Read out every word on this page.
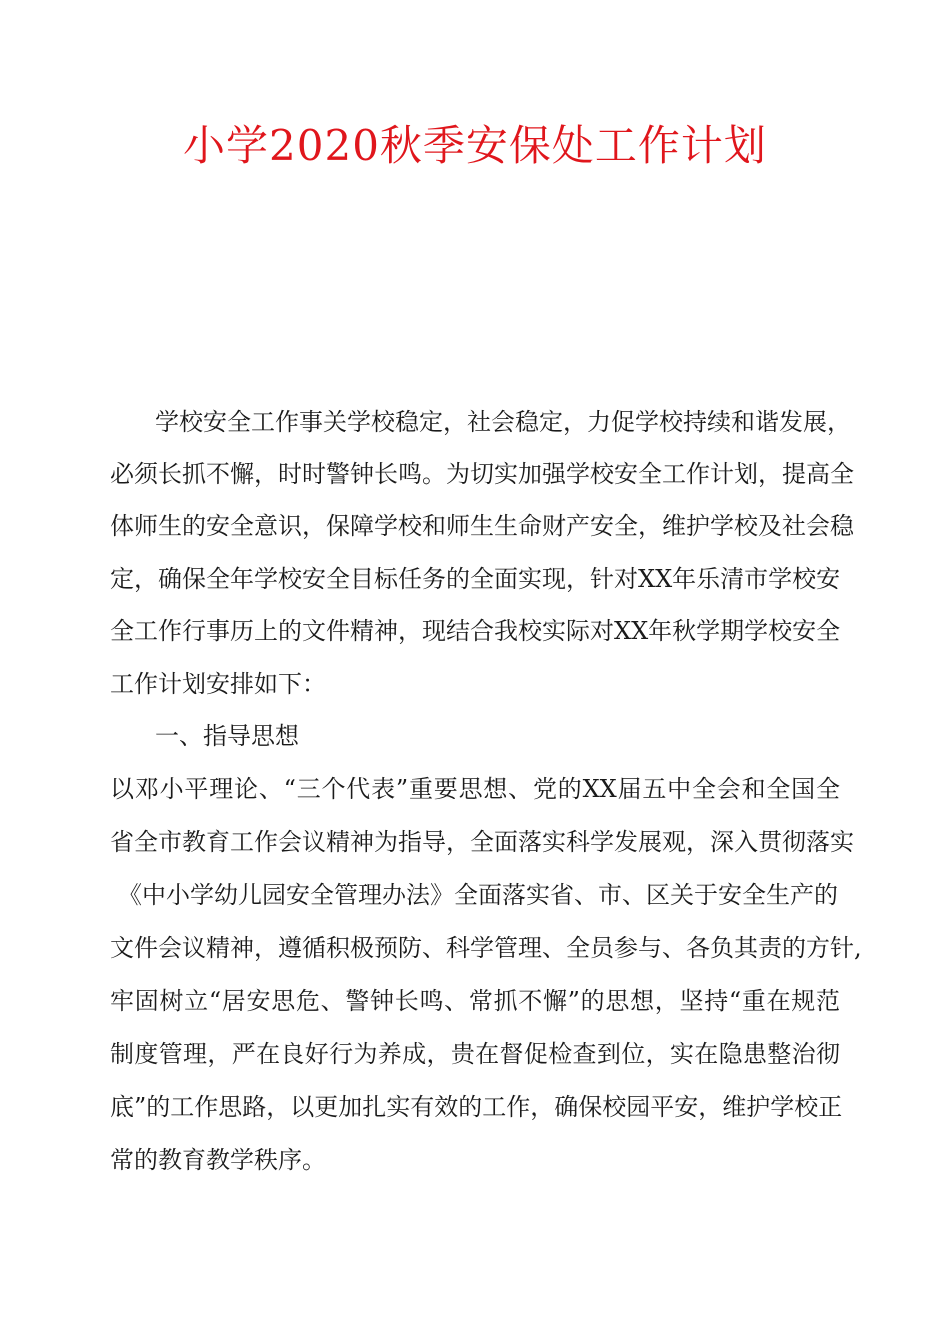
小学2020秋季安保处工作计划
学校安全工作事关学校稳定，社会稳定，力促学校持续和谐发展，
必须长抓不懈，时时警钟长鸣。为切实加强学校安全工作计划，提高全
体师生的安全意识，保障学校和师生生命财产安全，维护学校及社会稳
定，确保全年学校安全目标任务的全面实现，针对XX年乐清市学校安
全工作行事历上的文件精神，现结合我校实际对XX年秋学期学校安全
工作计划安排如下：
一、指导思想
以邓小平理论、“三个代表”重要思想、党的XX届五中全会和全国全
省全市教育工作会议精神为指导，全面落实科学发展观，深入贯彻落实
《中小学幼儿园安全管理办法》全面落实省、市、区关于安全生产的
文件会议精神，遵循积极预防、科学管理、全员参与、各负其责的方针,
牢固树立“居安思危、警钟长鸣、常抓不懈”的思想，坚持“重在规范
制度管理，严在良好行为养成，贵在督促检查到位，实在隐患整治彻
底”的工作思路，以更加扎实有效的工作，确保校园平安，维护学校正
常的教育教学秩序。
